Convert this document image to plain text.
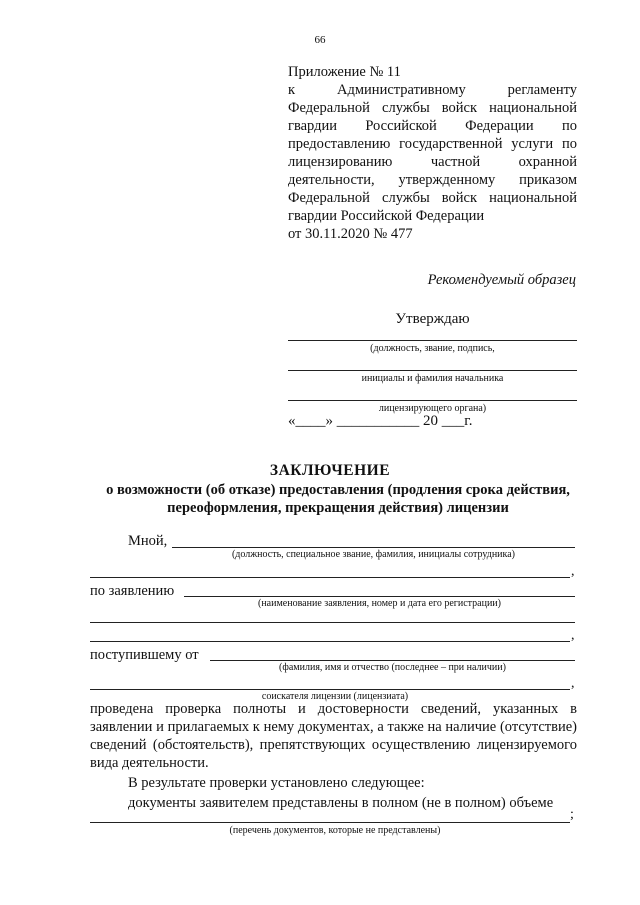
66
Приложение № 11
к Административному регламенту
Федеральной службы войск национальной
гвардии Российской Федерации по
предоставлению государственной услуги по
лицензированию частной охранной
деятельности, утвержденному приказом
Федеральной службы войск национальной
гвардии Российской Федерации
от 30.11.2020 № 477
Рекомендуемый образец
Утверждаю
(должность, звание, подпись,
инициалы и фамилия начальника
лицензирующего органа)
«____» ___________ 20 ___г.
ЗАКЛЮЧЕНИЕ
о возможности (об отказе) предоставления (продления срока действия, переоформления, прекращения действия) лицензии
Мной,
(должность, специальное звание, фамилия, инициалы сотрудника)
,
по заявлению
(наименование заявления, номер и дата его регистрации)
,
поступившему от
(фамилия, имя и отчество (последнее – при наличии)
,
соискателя лицензии (лицензиата)
проведена проверка полноты и достоверности сведений, указанных в заявлении и прилагаемых к нему документах, а также на наличие (отсутствие) сведений (обстоятельств), препятствующих осуществлению лицензируемого вида деятельности.
В результате проверки установлено следующее:
документы заявителем представлены в полном (не в полном) объеме
;
(перечень документов, которые не представлены)
